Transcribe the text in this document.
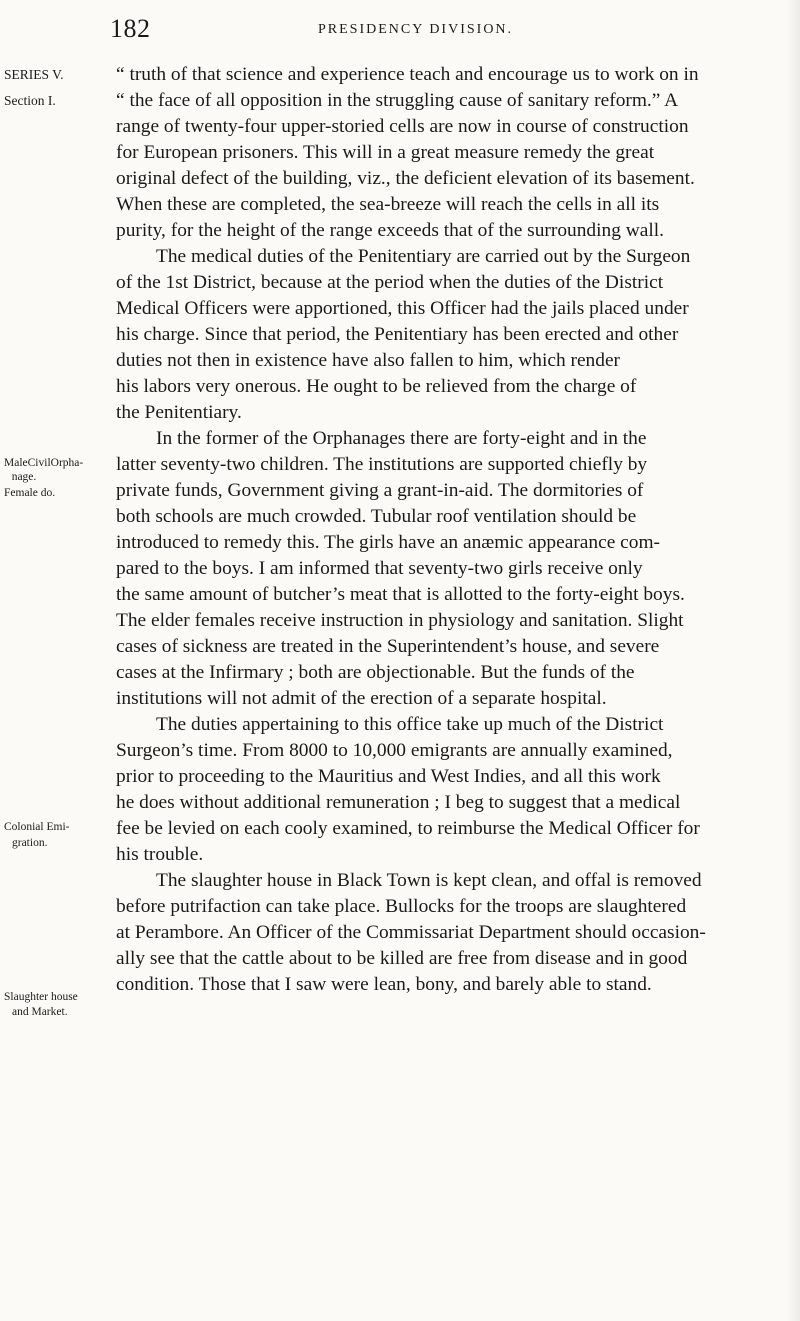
182	PRESIDENCY DIVISION.
SERIES V.
Section I.
MaleCivilOrpha-
nage.
Female do.
Colonial Emi-
gration.
Slaughter house
and Market.

“ truth of that science and experience teach and encourage us to work on in
“ the face of all opposition in the struggling cause of sanitary reform.” A
range of twenty-four upper-storied cells are now in course of construction
for European prisoners. This will in a great measure remedy the great
original defect of the building, viz., the deficient elevation of its basement.
When these are completed, the sea-breeze will reach the cells in all its
purity, for the height of the range exceeds that of the surrounding wall.

The medical duties of the Penitentiary are carried out by the Surgeon
of the 1st District, because at the period when the duties of the District
Medical Officers were apportioned, this Officer had the jails placed under
his charge. Since that period, the Penitentiary has been erected and other
duties not then in existence have also fallen to him, which render
his labors very onerous. He ought to be relieved from the charge of
the Penitentiary.

In the former of the Orphanages there are forty-eight and in the
latter seventy-two children. The institutions are supported chiefly by
private funds, Government giving a grant-in-aid. The dormitories of
both schools are much crowded. Tubular roof ventilation should be
introduced to remedy this. The girls have an anæmic appearance com-
pared to the boys. I am informed that seventy-two girls receive only
the same amount of butcher’s meat that is allotted to the forty-eight boys.
The elder females receive instruction in physiology and sanitation. Slight
cases of sickness are treated in the Superintendent’s house, and severe
cases at the Infirmary ; both are objectionable. But the funds of the
institutions will not admit of the erection of a separate hospital.

The duties appertaining to this office take up much of the District
Surgeon’s time. From 8000 to 10,000 emigrants are annually examined,
prior to proceeding to the Mauritius and West Indies, and all this work
he does without additional remuneration ; I beg to suggest that a medical
fee be levied on each cooly examined, to reimburse the Medical Officer for
his trouble.

The slaughter house in Black Town is kept clean, and offal is removed
before putrifaction can take place. Bullocks for the troops are slaughtered
at Perambore. An Officer of the Commissariat Department should occasion-
ally see that the cattle about to be killed are free from disease and in good
condition. Those that I saw were lean, bony, and barely able to stand.
